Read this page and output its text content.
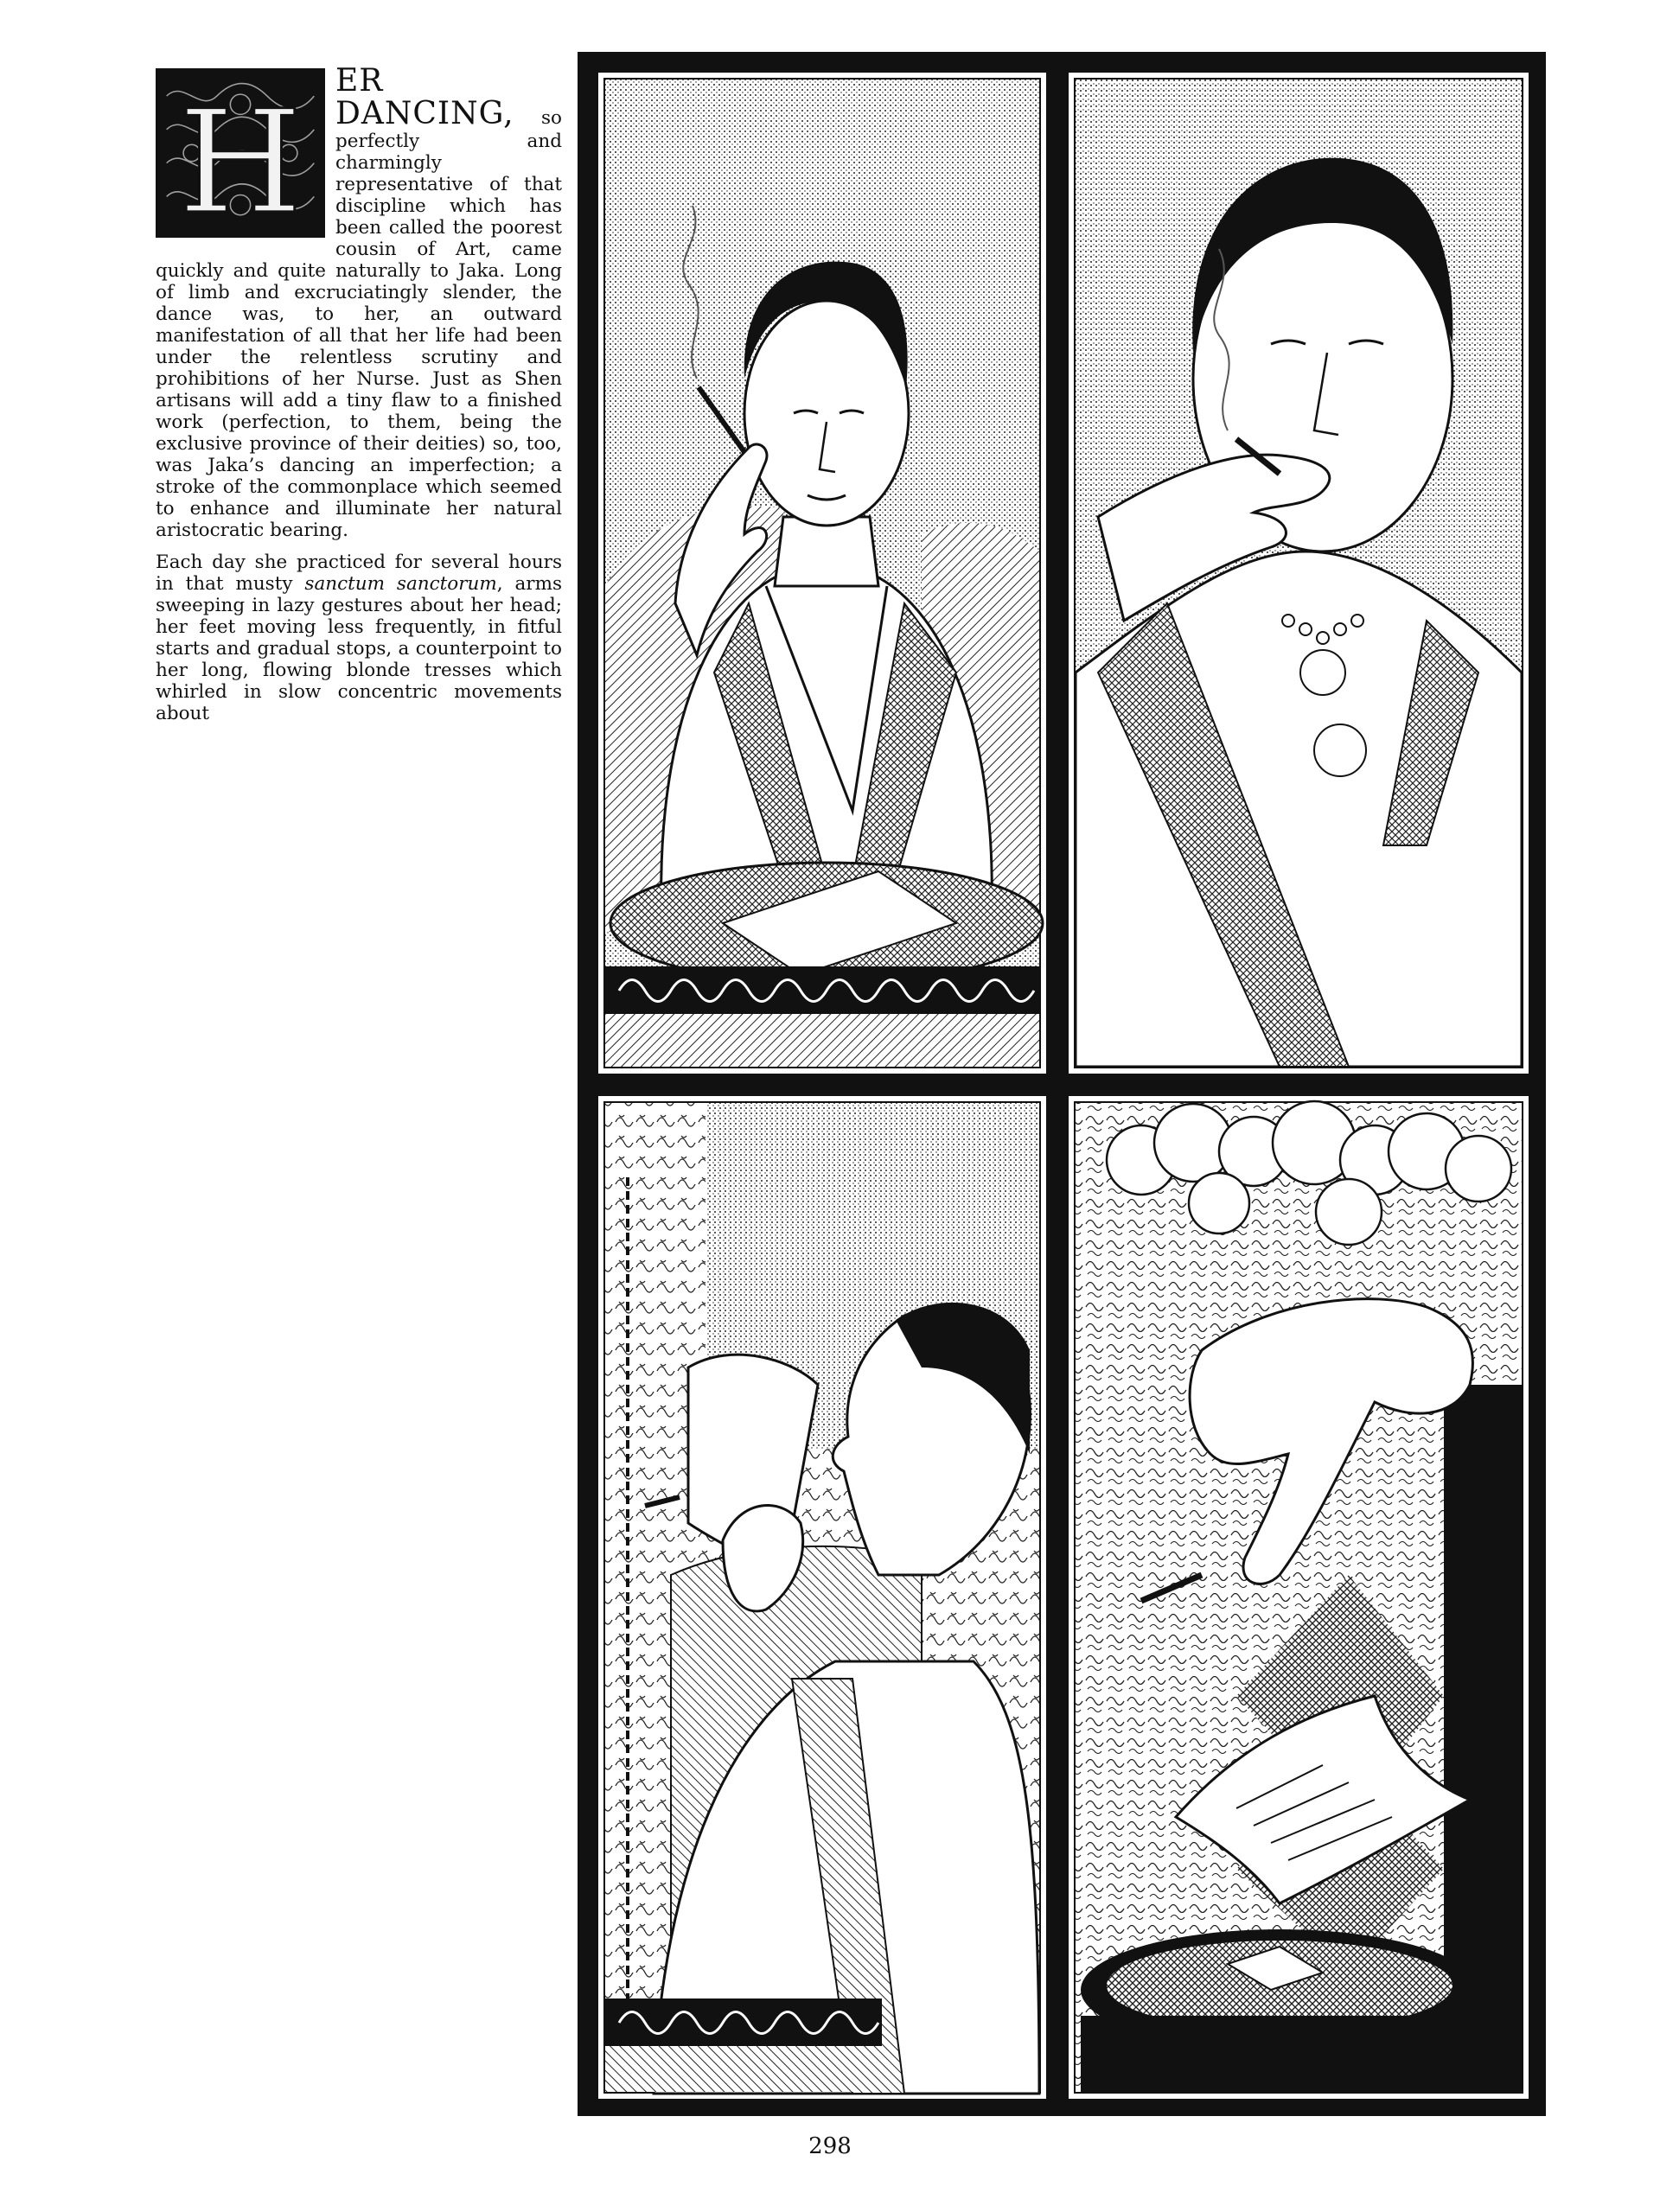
H ER DANCING, so perfectly and charmingly representative of that discipline which has been called the poorest cousin of Art, came quickly and quite naturally to Jaka. Long of limb and excruciatingly slender, the dance was, to her, an outward manifestation of all that her life had been under the relentless scrutiny and prohibitions of her Nurse. Just as Shen artisans will add a tiny flaw to a finished work (perfection, to them, being the exclusive province of their deities) so, too, was Jaka’s dancing an imperfection; a stroke of the commonplace which seemed to enhance and illuminate her natural aristocratic bearing.

Each day she practiced for several hours in that musty sanctum sanctorum, arms sweeping in lazy gestures about her head; her feet moving less frequently, in fitful starts and gradual stops, a counterpoint to her long, flowing blonde tresses which whirled in slow concentric movements about

298
